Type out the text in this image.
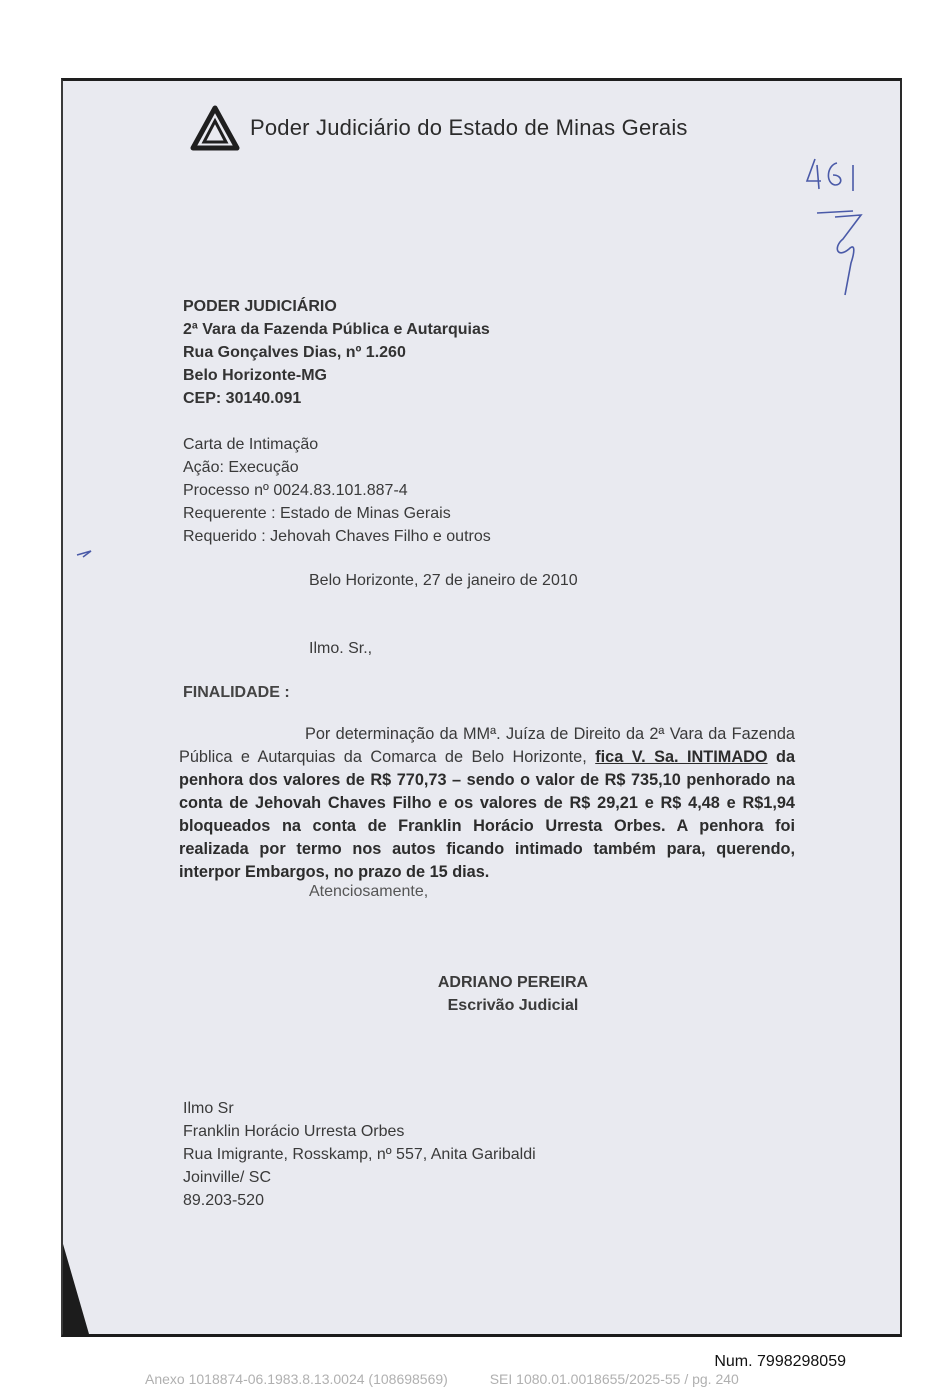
Poder Judiciário do Estado de Minas Gerais
PODER JUDICIÁRIO
2ª Vara da Fazenda Pública e Autarquias
Rua Gonçalves Dias, nº 1.260
Belo Horizonte-MG
CEP: 30140.091
Carta de Intimação
Ação: Execução
Processo nº 0024.83.101.887-4
Requerente : Estado de Minas Gerais
Requerido : Jehovah Chaves Filho e outros
Belo Horizonte, 27 de janeiro de 2010
Ilmo. Sr.,
FINALIDADE :
Por determinação da MMª. Juíza de Direito da 2ª Vara da Fazenda Pública e Autarquias da Comarca de Belo Horizonte, fica V. Sa. INTIMADO da penhora dos valores de R$ 770,73 – sendo o valor de R$ 735,10 penhorado na conta de Jehovah Chaves Filho e os valores de R$ 29,21 e R$ 4,48 e R$1,94 bloqueados na conta de Franklin Horácio Urresta Orbes. A penhora foi realizada por termo nos autos ficando intimado também para, querendo, interpor Embargos, no prazo de 15 dias.
Atenciosamente,
ADRIANO PEREIRA
Escrivão Judicial
Ilmo Sr
Franklin Horácio Urresta Orbes
Rua Imigrante, Rosskamp, nº 557, Anita Garibaldi
Joinville/ SC
89.203-520
Num. 7998298059
Anexo 1018874-06.1983.8.13.0024 (108698569)	SEI 1080.01.0018655/2025-55 / pg. 240
